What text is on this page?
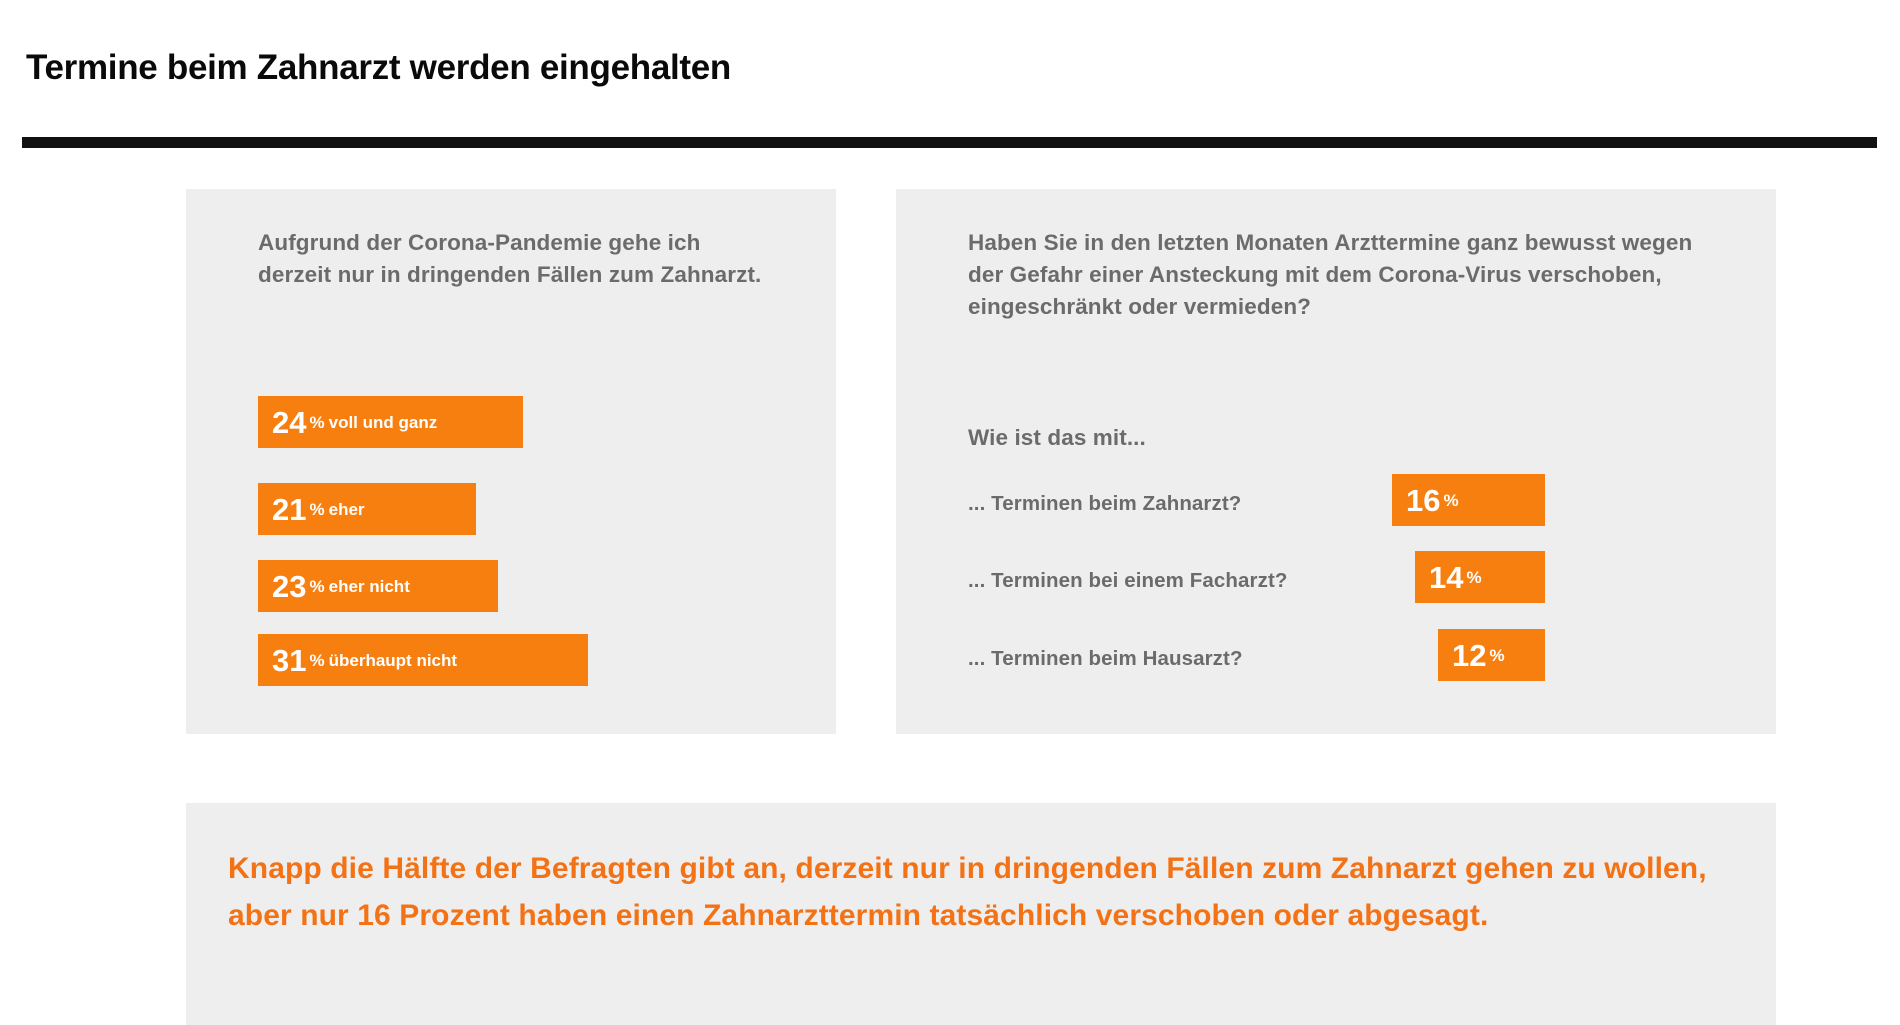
Termine beim Zahnarzt werden eingehalten
Aufgrund der Corona-Pandemie gehe ich derzeit nur in dringenden Fällen zum Zahnarzt.
24 % voll und ganz
21 % eher
23 % eher nicht
31 % überhaupt nicht
Haben Sie in den letzten Monaten Arzttermine ganz bewusst wegen der Gefahr einer Ansteckung mit dem Corona-Virus verschoben, eingeschränkt oder vermieden?
Wie ist das mit...
... Terminen beim Zahnarzt?
... Terminen bei einem Facharzt?
... Terminen beim Hausarzt?
16 %
14 %
12 %
Knapp die Hälfte der Befragten gibt an, derzeit nur in dringenden Fällen zum Zahnarzt gehen zu wollen, aber nur 16 Prozent haben einen Zahnarzttermin tatsächlich verschoben oder abgesagt.
